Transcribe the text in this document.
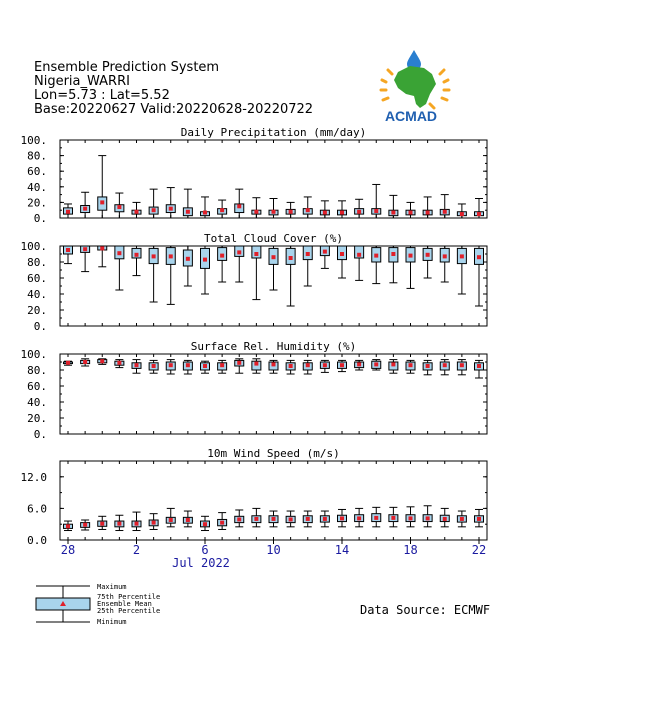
Ensemble Prediction System
Nigeria_WARRI
Lon=5.73 : Lat=5.52
Base:20220627 Valid:20220628-20220722	ACMAD
0.
20.
40.
60.
80.
100.
Daily Precipitation (mm/day)
0.
20.
40.
60.
80.
100.
Total Cloud Cover (%)
0.
20.
40.
60.
80.
100.
Surface Rel. Humidity (%)
0.0
6.0
12.0
10m Wind Speed (m/s)
28	2	6	10	14	18	22
Jul 2022
Maximum
75th Percentile
Ensemble Mean
25th Percentile
Minimum
Data Source: ECMWF
